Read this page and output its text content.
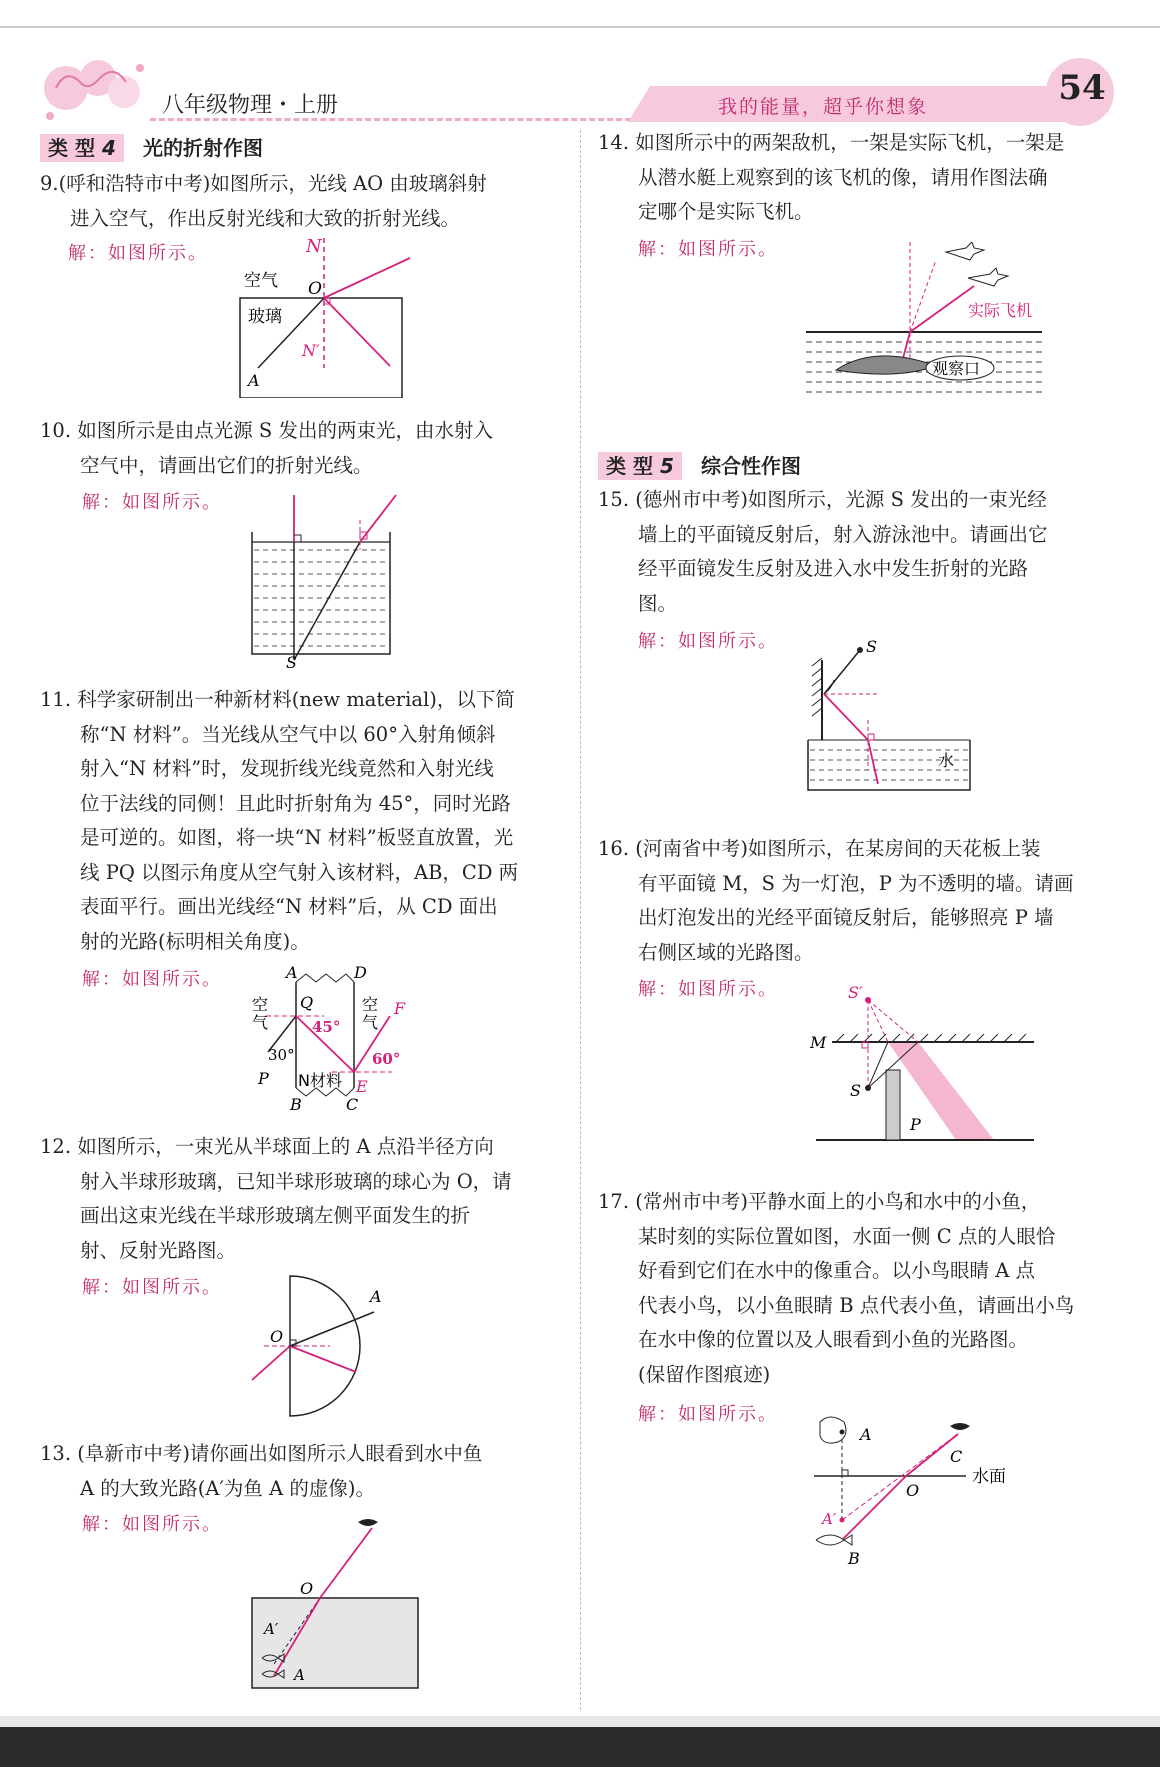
八年级物理・上册	我的能量，超乎你想象	54
类 型 4 光的折射作图
9.(呼和浩特市中考)如图所示，光线 AO 由玻璃斜射
进入空气，作出反射光线和大致的折射光线。
解：如图所示。	N
O
空气
玻璃
N′
A
10. 如图所示是由点光源 S 发出的两束光，由水射入
空气中，请画出它们的折射光线。
解：如图所示。
S
11. 科学家研制出一种新材料(new material)，以下简
称“N 材料”。当光线从空气中以 60°入射角倾斜
射入“N 材料”时，发现折线光线竟然和入射光线
位于法线的同侧！且此时折射角为 45°，同时光路
是可逆的。如图，将一块“N 材料”板竖直放置，光
线 PQ 以图示角度从空气射入该材料，AB，CD 两
表面平行。画出光线经“N 材料”后，从 CD 面出
射的光路(标明相关角度)。
解：如图所示。	A	D
Q
空
气
空
气
F
45°
30°	60°
P	E
N材料
B	C
12. 如图所示，一束光从半球面上的 A 点沿半径方向
射入半球形玻璃，已知半球形玻璃的球心为 O，请
画出这束光线在半球形玻璃左侧平面发生的折
射、反射光路图。
解：如图所示。	A
O
13. (阜新市中考)请你画出如图所示人眼看到水中鱼
A 的大致光路(A′为鱼 A 的虚像)。
解：如图所示。
O
A′
A
14. 如图所示中的两架敌机，一架是实际飞机，一架是
从潜水艇上观察到的该飞机的像，请用作图法确
定哪个是实际飞机。
解：如图所示。
实际飞机
观察口
类 型 5 综合性作图
15. (德州市中考)如图所示，光源 S 发出的一束光经
墙上的平面镜反射后，射入游泳池中。请画出它
经平面镜发生反射及进入水中发生折射的光路
图。
解：如图所示。	S
水
16. (河南省中考)如图所示，在某房间的天花板上装
有平面镜 M，S 为一灯泡，P 为不透明的墙。请画
出灯泡发出的光经平面镜反射后，能够照亮 P 墙
右侧区域的光路图。
解：如图所示。	S′
M
S
P
17. (常州市中考)平静水面上的小鸟和水中的小鱼，
某时刻的实际位置如图，水面一侧 C 点的人眼恰
好看到它们在水中的像重合。以小鸟眼睛 A 点
代表小鸟，以小鱼眼睛 B 点代表小鱼，请画出小鸟
在水中像的位置以及人眼看到小鱼的光路图。
(保留作图痕迹)
解：如图所示。
A
C
水面
O
A′
B
